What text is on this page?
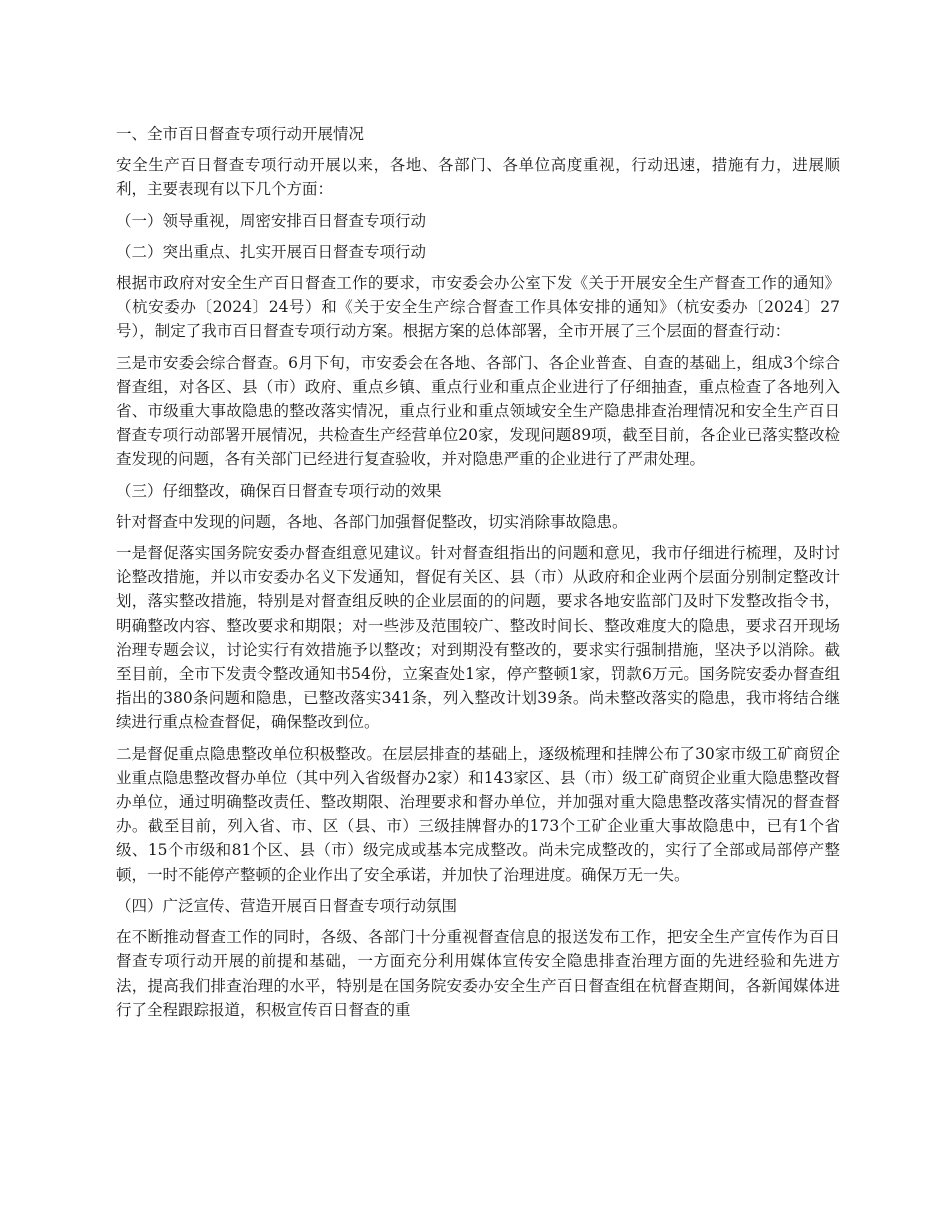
一、全市百日督查专项行动开展情况

安全生产百日督查专项行动开展以来，各地、各部门、各单位高度重视，行动迅速，措施有力，进展顺利，主要表现有以下几个方面：

（一）领导重视，周密安排百日督查专项行动

（二）突出重点、扎实开展百日督查专项行动

根据市政府对安全生产百日督查工作的要求，市安委会办公室下发《关于开展安全生产督查工作的通知》（杭安委办〔2024〕24号）和《关于安全生产综合督查工作具体安排的通知》（杭安委办〔2024〕27号），制定了我市百日督查专项行动方案。根据方案的总体部署，全市开展了三个层面的督查行动：

三是市安委会综合督查。6月下旬，市安委会在各地、各部门、各企业普查、自查的基础上，组成3个综合督查组，对各区、县（市）政府、重点乡镇、重点行业和重点企业进行了仔细抽查，重点检查了各地列入省、市级重大事故隐患的整改落实情况，重点行业和重点领域安全生产隐患排查治理情况和安全生产百日督查专项行动部署开展情况，共检查生产经营单位20家，发现问题89项，截至目前，各企业已落实整改检查发现的问题，各有关部门已经进行复查验收，并对隐患严重的企业进行了严肃处理。

（三）仔细整改，确保百日督查专项行动的效果

针对督查中发现的问题，各地、各部门加强督促整改，切实消除事故隐患。

一是督促落实国务院安委办督查组意见建议。针对督查组指出的问题和意见，我市仔细进行梳理，及时讨论整改措施，并以市安委办名义下发通知，督促有关区、县（市）从政府和企业两个层面分别制定整改计划，落实整改措施，特别是对督查组反映的企业层面的的问题，要求各地安监部门及时下发整改指令书，明确整改内容、整改要求和期限；对一些涉及范围较广、整改时间长、整改难度大的隐患，要求召开现场治理专题会议，讨论实行有效措施予以整改；对到期没有整改的，要求实行强制措施，坚决予以消除。截至目前，全市下发责令整改通知书54份，立案查处1家，停产整顿1家，罚款6万元。国务院安委办督查组指出的380条问题和隐患，已整改落实341条，列入整改计划39条。尚未整改落实的隐患，我市将结合继续进行重点检查督促，确保整改到位。

二是督促重点隐患整改单位积极整改。在层层排查的基础上，逐级梳理和挂牌公布了30家市级工矿商贸企业重点隐患整改督办单位（其中列入省级督办2家）和143家区、县（市）级工矿商贸企业重大隐患整改督办单位，通过明确整改责任、整改期限、治理要求和督办单位，并加强对重大隐患整改落实情况的督查督办。截至目前，列入省、市、区（县、市）三级挂牌督办的173个工矿企业重大事故隐患中，已有1个省级、15个市级和81个区、县（市）级完成或基本完成整改。尚未完成整改的，实行了全部或局部停产整顿，一时不能停产整顿的企业作出了安全承诺，并加快了治理进度。确保万无一失。

（四）广泛宣传、营造开展百日督查专项行动氛围

在不断推动督查工作的同时，各级、各部门十分重视督查信息的报送发布工作，把安全生产宣传作为百日督查专项行动开展的前提和基础，一方面充分利用媒体宣传安全隐患排查治理方面的先进经验和先进方法，提高我们排查治理的水平，特别是在国务院安委办安全生产百日督查组在杭督查期间，各新闻媒体进行了全程跟踪报道，积极宣传百日督查的重
